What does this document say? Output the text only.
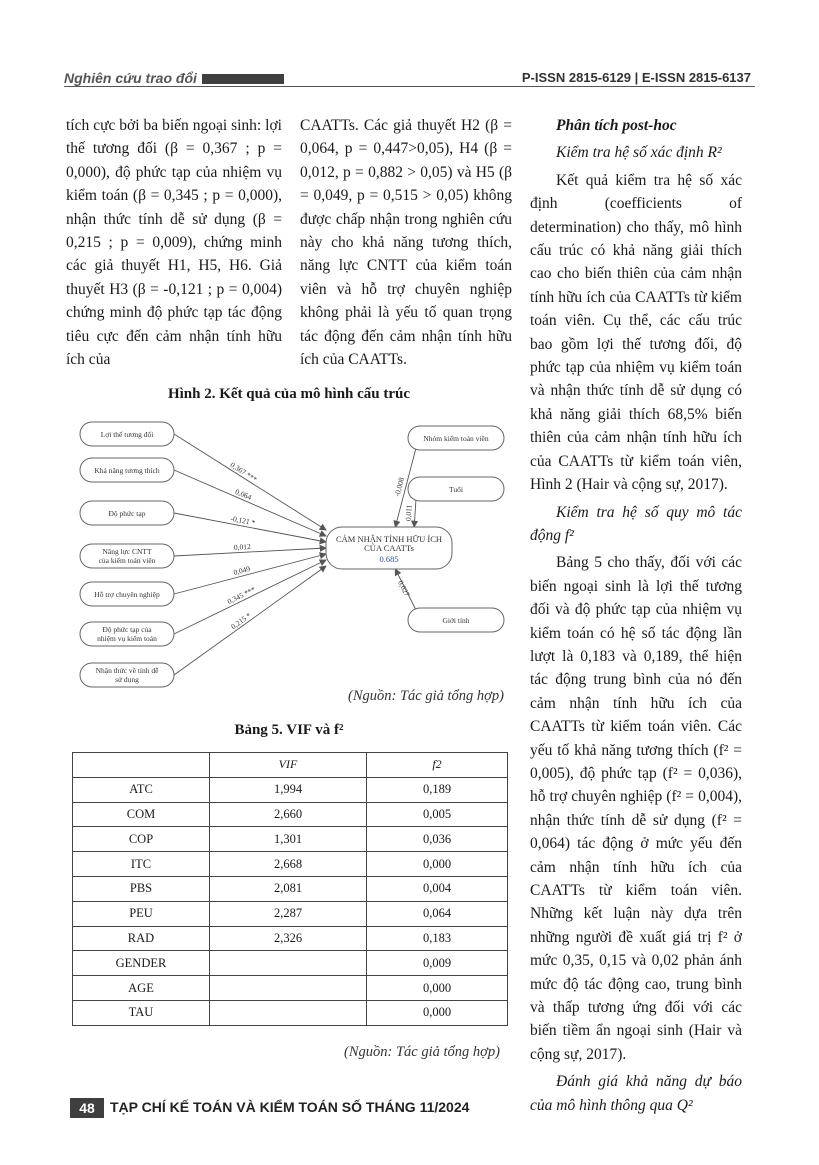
Nghiên cứu trao đổi	P-ISSN 2815-6129 | E-ISSN 2815-6137

tích cực bởi ba biến ngoại sinh: lợi thế tương đối (β = 0,367 ; p = 0,000), độ phức tạp của nhiệm vụ kiểm toán (β = 0,345 ; p = 0,000), nhận thức tính dễ sử dụng (β = 0,215 ; p = 0,009), chứng minh các giả thuyết H1, H5, H6. Giả thuyết H3 (β = -0,121 ; p = 0,004) chứng minh độ phức tạp tác động tiêu cực đến cảm nhận tính hữu ích của

CAATTs. Các giả thuyết H2 (β = 0,064, p = 0,447>0,05), H4 (β = 0,012, p = 0,882 > 0,05) và H5 (β = 0,049, p = 0,515 > 0,05) không được chấp nhận trong nghiên cứu này cho khả năng tương thích, năng lực CNTT của kiểm toán viên và hỗ trợ chuyên nghiệp không phải là yếu tố quan trọng tác động đến cảm nhận tính hữu ích của CAATTs.

Phân tích post-hoc

Kiểm tra hệ số xác định R²

Kết quả kiểm tra hệ số xác định (coefficients of determination) cho thấy, mô hình cấu trúc có khả năng giải thích cao cho biến thiên của cảm nhận tính hữu ích của CAATTs từ kiểm toán viên. Cụ thể, các cấu trúc bao gồm lợi thế tương đối, độ phức tạp của nhiệm vụ kiểm toán và nhận thức tính dễ sử dụng có khả năng giải thích 68,5% biến thiên của cảm nhận tính hữu ích của CAATTs từ kiểm toán viên, Hình 2 (Hair và cộng sự, 2017).

Kiểm tra hệ số quy mô tác động f²

Bảng 5 cho thấy, đối với các biến ngoại sinh là lợi thế tương đối và độ phức tạp của nhiệm vụ kiểm toán có hệ số tác động lần lượt là 0,183 và 0,189, thể hiện tác động trung bình của nó đến cảm nhận tính hữu ích của CAATTs từ kiểm toán viên. Các yếu tố khả năng tương thích (f² = 0,005), độ phức tạp (f² = 0,036), hỗ trợ chuyên nghiệp (f² = 0,004), nhận thức tính dễ sử dụng (f² = 0,064) tác động ở mức yếu đến cảm nhận tính hữu ích của CAATTs từ kiểm toán viên. Những kết luận này dựa trên những người đề xuất giá trị f² ở mức 0,35, 0,15 và 0,02 phản ánh mức độ tác động cao, trung bình và thấp tương ứng đối với các biến tiềm ẩn ngoại sinh (Hair và cộng sự, 2017).

Đánh giá khả năng dự báo của mô hình thông qua Q²

Hình 2. Kết quả của mô hình cấu trúc
0,367 ***
0,064
-0,121 *
0,012
0,049
0,345 ***
0,215 *
-0,008
0,011
0,027
CẢM NHẬN TÍNH HỮU ÍCH
CỦA CAATTs
0.685
Lợi thế tương đối
Khả năng tương thích
Độ phức tạp
Năng lực CNTT
của kiểm toán viên
Hỗ trợ chuyên nghiệp
Độ phức tạp của
nhiệm vụ kiểm toán
Nhận thức về tính dễ
sử dụng
Nhóm kiểm toán viên
Tuổi
Giới tính
(Nguồn: Tác giả tổng hợp)
Bảng 5. VIF và f²
	VIF	f2
ATC	1,994	0,189
COM	2,660	0,005
COP	1,301	0,036
ITC	2,668	0,000
PBS	2,081	0,004
PEU	2,287	0,064
RAD	2,326	0,183
GENDER		0,009
AGE		0,000
TAU		0,000
(Nguồn: Tác giả tổng hợp)
48	TẠP CHÍ KẾ TOÁN VÀ KIỂM TOÁN SỐ THÁNG 11/2024
